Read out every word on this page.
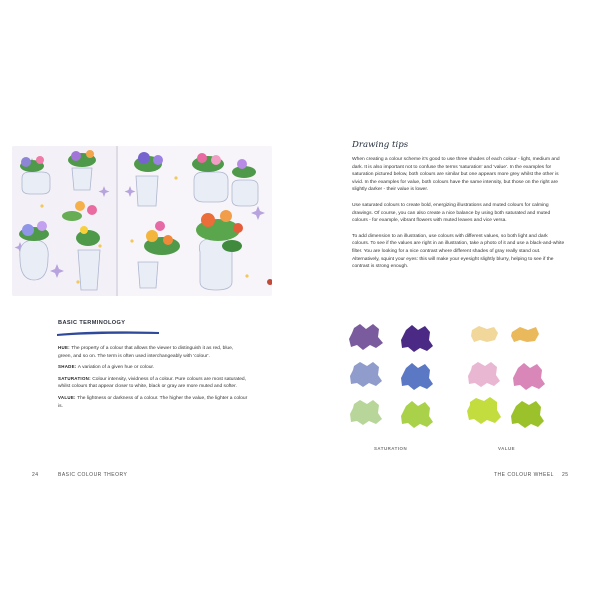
BASIC TERMINOLOGY

HUE: The property of a colour that allows the viewer to distinguish it as red, blue, green, and so on. The term is often used interchangeably with 'colour'.

SHADE: A variation of a given hue or colour.

SATURATION: Colour intensity, vividness of a colour. Pure colours are most saturated, whilst colours that appear closer to white, black or gray are more muted and softer.

VALUE: The lightness or darkness of a colour. The higher the value, the lighter a colour is.

24	BASIC COLOUR THEORY
Drawing tips

When creating a colour scheme it's good to use three shades of each colour - light, medium and dark. It is also important not to confuse the terms 'saturation' and 'value'. In the examples for saturation pictured below, both colours are similar but one appears more grey whilst the other is vivid. In the examples for value, both colours have the same intensity, but those on the right are slightly darker - their value is lower.

Use saturated colours to create bold, energizing illustrations and muted colours for calming drawings. Of course, you can also create a nice balance by using both saturated and muted colours - for example, vibrant flowers with muted leaves and vice versa.

To add dimension to an illustration, use colours with different values, so both light and dark colours. To see if the values are right in an illustration, take a photo of it and use a black-and-white filter. You are looking for a nice contrast where different shades of gray really stand out. Alternatively, squint your eyes: this will make your eyesight slightly blurry, helping to see if the contrast is strong enough.

SATURATION	VALUE
THE COLOUR WHEEL 25
